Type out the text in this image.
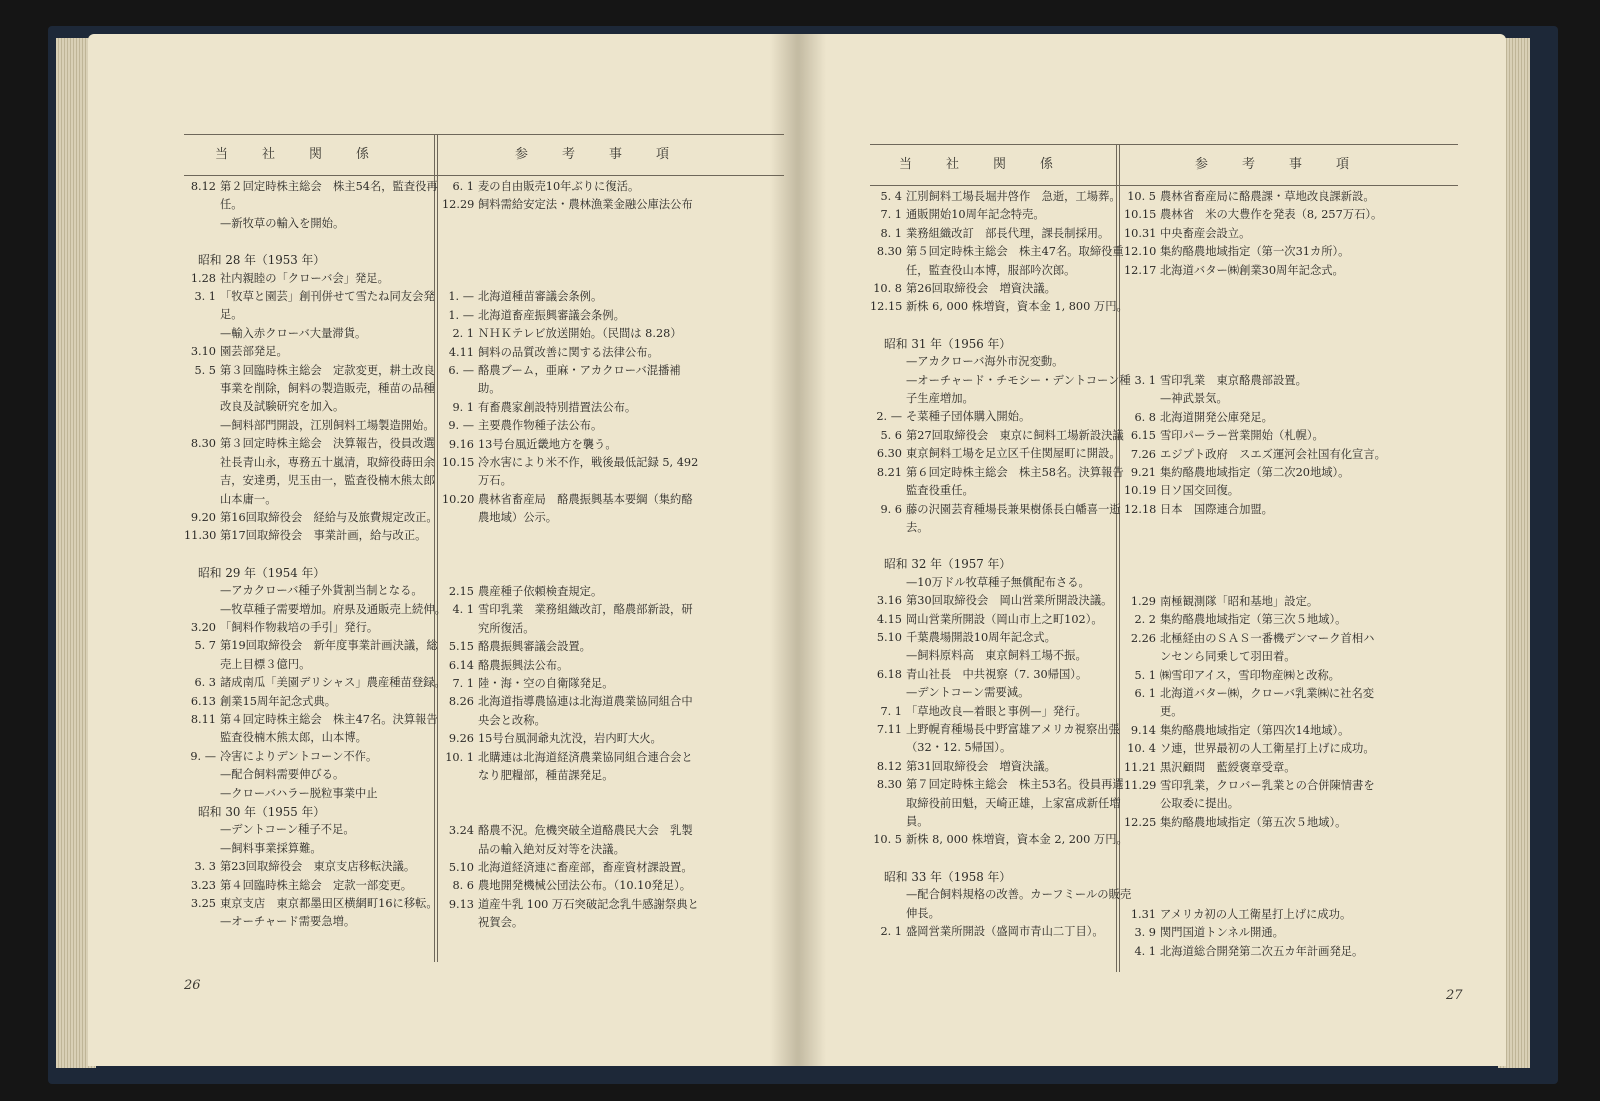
当社関係	参考事項
8.12 第２回定時株主総会　株主54名，監査役再
任。
—新牧草の輸入を開始。
昭和 28 年（1953 年）
1.28 社内親睦の「クローバ会」発足。
3. 1 「牧草と園芸」創刊併せて雪たね同友会発
足。
—輸入赤クローバ大量滞貨。
3.10 園芸部発足。
5. 5 第３回臨時株主総会　定款変更，耕土改良
事業を削除，飼料の製造販売，種苗の品種
改良及試験研究を加入。
—飼料部門開設，江別飼料工場製造開始。
8.30 第３回定時株主総会　決算報告，役員改選
社長青山永，専務五十嵐清，取締役蒔田余
吉，安達勇，児玉由一，監査役楠木熊太郎
山本庸一。
9.20 第16回取締役会　経給与及旅費規定改正。
11.30 第17回取締役会　事業計画，給与改正。
昭和 29 年（1954 年）
—アカクローバ種子外貨割当制となる。
—牧草種子需要増加。府県及通販売上続伸。
3.20 「飼料作物栽培の手引」発行。
5. 7 第19回取締役会　新年度事業計画決議，総
売上目標３億円。
6. 3 諸成南瓜「美園デリシャス」農産種苗登録。
6.13 創業15周年記念式典。
8.11 第４回定時株主総会　株主47名。決算報告
監査役楠木熊太郎，山本博。
9. — 冷害によりデントコーン不作。
—配合飼料需要伸びる。
—クローバハラー脱粒事業中止
昭和 30 年（1955 年）
—デントコーン種子不足。
—飼料事業採算難。
3. 3 第23回取締役会　東京支店移転決議。
3.23 第４回臨時株主総会　定款一部変更。
3.25 東京支店　東京都墨田区横網町16に移転。
—オーチャード需要急増。
6. 1 麦の自由販売10年ぶりに復活。
12.29 飼料需給安定法・農林漁業金融公庫法公布
1. — 北海道種苗審議会条例。
1. — 北海道畜産振興審議会条例。
2. 1 ＮＨＫテレビ放送開始。（民間は 8.28）
4.11 飼料の品質改善に関する法律公布。
6. — 酪農ブーム，亜麻・アカクローバ混播補
助。
9. 1 有畜農家創設特別措置法公布。
9. — 主要農作物種子法公布。
9.16 13号台風近畿地方を襲う。
10.15 冷水害により米不作，戦後最低記録 5, 492
万石。
10.20 農林省畜産局　酪農振興基本要綱（集約酪
農地域）公示。
2.15 農産種子依頼検査規定。
4. 1 雪印乳業　業務組織改訂，酪農部新設，研
究所復活。
5.15 酪農振興審議会設置。
6.14 酪農振興法公布。
7. 1 陸・海・空の自衛隊発足。
8.26 北海道指導農協連は北海道農業協同組合中
央会と改称。
9.26 15号台風洞爺丸沈没，岩内町大火。
10. 1 北購連は北海道経済農業協同組合連合会と
なり肥糧部，種苗課発足。
3.24 酪農不況。危機突破全道酪農民大会　乳製
品の輸入絶対反対等を決議。
5.10 北海道経済連に畜産部，畜産資材課設置。
8. 6 農地開発機械公団法公布。（10.10発足）。
9.13 道産牛乳 100 万石突破記念乳牛感謝祭典と
祝賀会。
26
当社関係	参考事項
5. 4 江別飼料工場長堀井啓作　急逝，工場葬。
7. 1 通販開始10周年記念特売。
8. 1 業務組織改訂　部長代理，課長制採用。
8.30 第５回定時株主総会　株主47名。取締役重
任，監査役山本博，服部吟次郎。
10. 8 第26回取締役会　増資決議。
12.15 新株 6, 000 株増資，資本金 1, 800 万円。
昭和 31 年（1956 年）
—アカクローバ海外市況変動。
—オーチャード・チモシー・デントコーン種
子生産増加。
2. — そ菜種子団体購入開始。
5. 6 第27回取締役会　東京に飼料工場新設決議
6.30 東京飼料工場を足立区千住関屋町に開設。
8.21 第６回定時株主総会　株主58名。決算報告
監査役重任。
9. 6 藤の沢園芸育種場長兼果樹係長白幡喜一逝
去。
昭和 32 年（1957 年）
—10万ドル牧草種子無償配布さる。
3.16 第30回取締役会　岡山営業所開設決議。
4.15 岡山営業所開設（岡山市上之町102）。
5.10 千葉農場開設10周年記念式。
—飼料原料高　東京飼料工場不振。
6.18 青山社長　中共視察（7. 30帰国）。
—デントコーン需要減。
7. 1 「草地改良—着眼と事例—」発行。
7.11 上野幌育種場長中野富雄アメリカ視察出張
（32・12. 5帰国）。
8.12 第31回取締役会　増資決議。
8.30 第７回定時株主総会　株主53名。役員再選
取締役前田魁，天崎正雄，上家富成新任増
員。
10. 5 新株 8, 000 株増資，資本金 2, 200 万円。
昭和 33 年（1958 年）
—配合飼料規格の改善。カーフミールの販売
伸長。
2. 1 盛岡営業所開設（盛岡市青山二丁目）。
10. 5 農林省畜産局に酪農課・草地改良課新設。
10.15 農林省　米の大豊作を発表（8, 257万石）。
10.31 中央畜産会設立。
12.10 集約酪農地域指定（第一次31カ所）。
12.17 北海道バター㈱創業30周年記念式。
3. 1 雪印乳業　東京酪農部設置。
—神武景気。
6. 8 北海道開発公庫発足。
6.15 雪印パーラー営業開始（札幌）。
7.26 エジプト政府　スエズ運河会社国有化宣言。
9.21 集約酪農地域指定（第二次20地域）。
10.19 日ソ国交回復。
12.18 日本　国際連合加盟。
1.29 南極観測隊「昭和基地」設定。
2. 2 集約酪農地域指定（第三次５地域）。
2.26 北極経由のＳＡＳ一番機デンマーク首相ハ
ンセンら同乗して羽田着。
5. 1 ㈱雪印アイス，雪印物産㈱と改称。
6. 1 北海道バター㈱，クローバ乳業㈱に社名変
更。
9.14 集約酪農地域指定（第四次14地域）。
10. 4 ソ連，世界最初の人工衛星打上げに成功。
11.21 黒沢顧問　藍綬褒章受章。
11.29 雪印乳業，クロバー乳業との合併陳情書を
公取委に提出。
12.25 集約酪農地域指定（第五次５地域）。
1.31 アメリカ初の人工衛星打上げに成功。
3. 9 関門国道トンネル開通。
4. 1 北海道総合開発第二次五カ年計画発足。
27
